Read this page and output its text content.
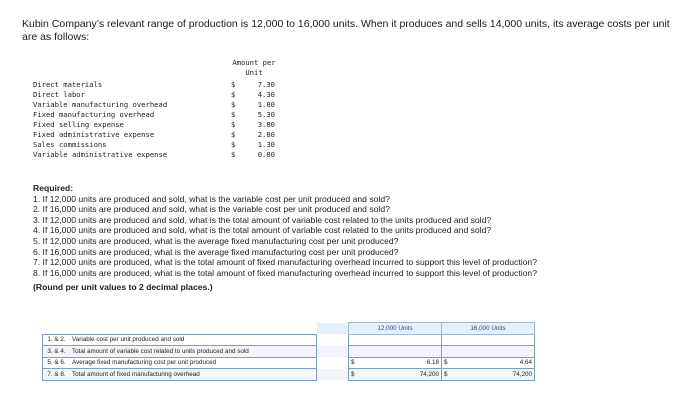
Kubin Company’s relevant range of production is 12,000 to 16,000 units. When it produces and sells 14,000 units, its average costs per unit are as follows:
Amount per
Unit
Direct materials	$	7.30
Direct labor	$	4.30
Variable manufacturing overhead	$	1.80
Fixed manufacturing overhead	$	5.30
Fixed selling expense	$	3.80
Fixed administrative expense	$	2.80
Sales commissions	$	1.30
Variable administrative expense	$	0.80
Required:
1. If 12,000 units are produced and sold, what is the variable cost per unit produced and sold?
2. If 16,000 units are produced and sold, what is the variable cost per unit produced and sold?
3. If 12,000 units are produced and sold, what is the total amount of variable cost related to the units produced and sold?
4. If 16,000 units are produced and sold, what is the total amount of variable cost related to the units produced and sold?
5. If 12,000 units are produced, what is the average fixed manufacturing cost per unit produced?
6. If 16,000 units are produced, what is the average fixed manufacturing cost per unit produced?
7. If 12,000 units are produced, what is the total amount of fixed manufacturing overhead incurred to support this level of production?
8. If 16,000 units are produced, what is the total amount of fixed manufacturing overhead incurred to support this level of production?
(Round per unit values to 2 decimal places.)
			12,000 Units	16,000 Units
1. & 2.	Variable cost per unit produced and sold		

3. & 4.	Total amount of variable cost related to units produced and sold		

5. & 6.	Average fixed manufacturing cost per unit produced		$ 6.18	$ 4.64

7. & 8.	Total amount of fixed manufacturing overhead		$ 74,200	$ 74,200
